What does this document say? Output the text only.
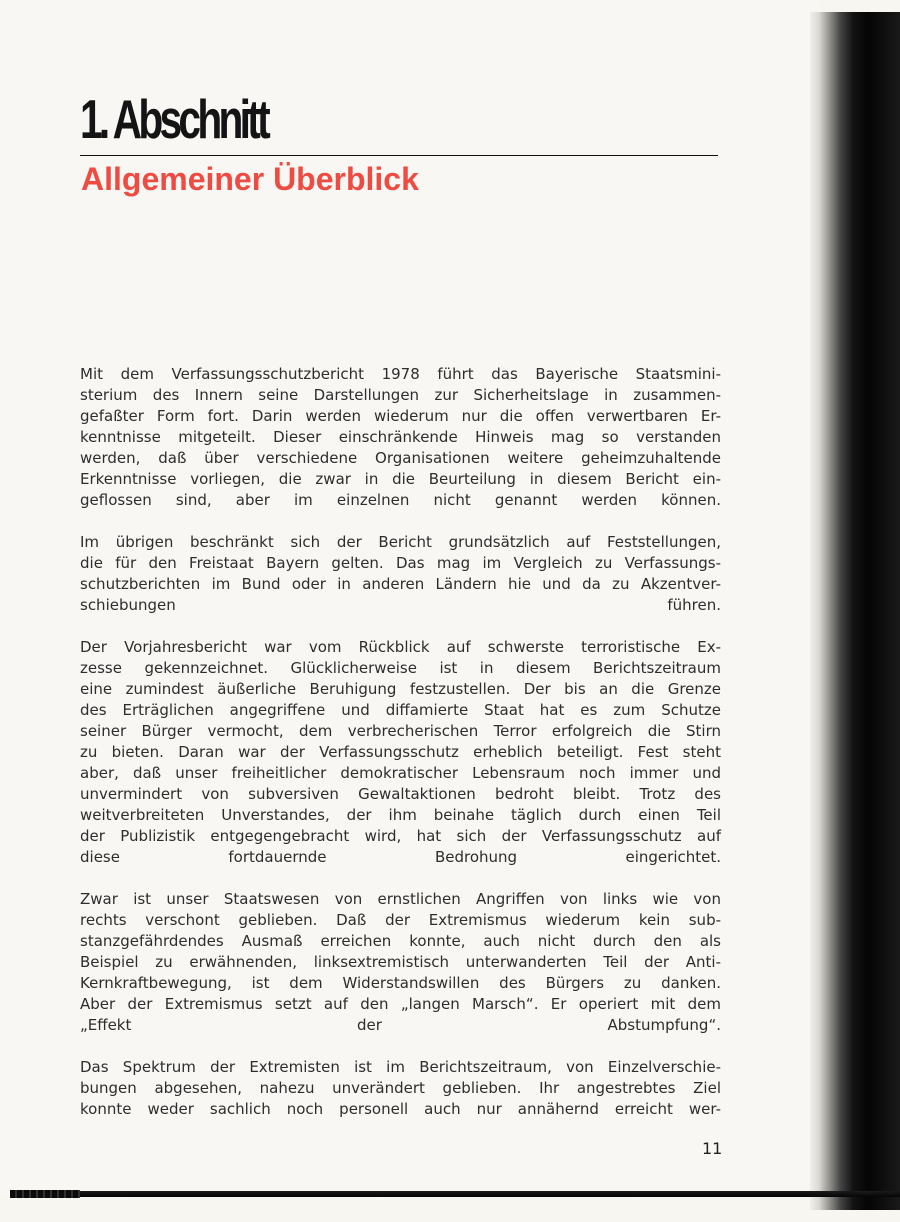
1. Abschnitt
Allgemeiner Überblick

Mit dem Verfassungsschutzbericht 1978 führt das Bayerische Staatsmini-
sterium des Innern seine Darstellungen zur Sicherheitslage in zusammen-
gefaßter Form fort. Darin werden wiederum nur die offen verwertbaren Er-
kenntnisse mitgeteilt. Dieser einschränkende Hinweis mag so verstanden
werden, daß über verschiedene Organisationen weitere geheimzuhaltende
Erkenntnisse vorliegen, die zwar in die Beurteilung in diesem Bericht ein-
geflossen sind, aber im einzelnen nicht genannt werden können.

Im übrigen beschränkt sich der Bericht grundsätzlich auf Feststellungen,
die für den Freistaat Bayern gelten. Das mag im Vergleich zu Verfassungs-
schutzberichten im Bund oder in anderen Ländern hie und da zu Akzentver-
schiebungen führen.

Der Vorjahresbericht war vom Rückblick auf schwerste terroristische Ex-
zesse gekennzeichnet. Glücklicherweise ist in diesem Berichtszeitraum
eine zumindest äußerliche Beruhigung festzustellen. Der bis an die Grenze
des Erträglichen angegriffene und diffamierte Staat hat es zum Schutze
seiner Bürger vermocht, dem verbrecherischen Terror erfolgreich die Stirn
zu bieten. Daran war der Verfassungsschutz erheblich beteiligt. Fest steht
aber, daß unser freiheitlicher demokratischer Lebensraum noch immer und
unvermindert von subversiven Gewaltaktionen bedroht bleibt. Trotz des
weitverbreiteten Unverstandes, der ihm beinahe täglich durch einen Teil
der Publizistik entgegengebracht wird, hat sich der Verfassungsschutz auf
diese fortdauernde Bedrohung eingerichtet.

Zwar ist unser Staatswesen von ernstlichen Angriffen von links wie von
rechts verschont geblieben. Daß der Extremismus wiederum kein sub-
stanzgefährdendes Ausmaß erreichen konnte, auch nicht durch den als
Beispiel zu erwähnenden, linksextremistisch unterwanderten Teil der Anti-
Kernkraftbewegung, ist dem Widerstandswillen des Bürgers zu danken.
Aber der Extremismus setzt auf den „langen Marsch“. Er operiert mit dem
„Effekt der Abstumpfung“.

Das Spektrum der Extremisten ist im Berichtszeitraum, von Einzelverschie-
bungen abgesehen, nahezu unverändert geblieben. Ihr angestrebtes Ziel
konnte weder sachlich noch personell auch nur annähernd erreicht wer-

11
